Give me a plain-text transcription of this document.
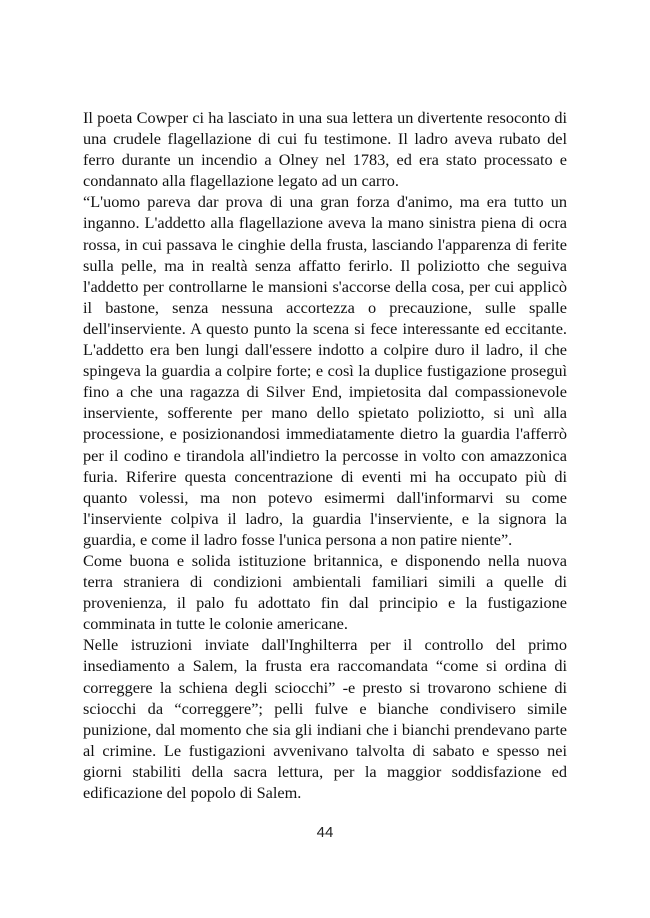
Il poeta Cowper ci ha lasciato in una sua lettera un divertente resoconto di una crudele flagellazione di cui fu testimone. Il ladro aveva rubato del ferro durante un incendio a Olney nel 1783, ed era stato processato e condannato alla flagellazione legato ad un carro.

“L'uomo pareva dar prova di una gran forza d'animo, ma era tutto un inganno. L'addetto alla flagellazione aveva la mano sinistra piena di ocra rossa, in cui passava le cinghie della frusta, lasciando l'apparenza di ferite sulla pelle, ma in realtà senza affatto ferirlo. Il poliziotto che seguiva l'addetto per controllarne le mansioni s'accorse della cosa, per cui applicò il bastone, senza nessuna accortezza o precauzione, sulle spalle dell'inserviente. A questo punto la scena si fece interessante ed eccitante. L'addetto era ben lungi dall'essere indotto a colpire duro il ladro, il che spingeva la guardia a colpire forte; e così la duplice fustigazione proseguì fino a che una ragazza di Silver End, impietosita dal compassionevole inserviente, sofferente per mano dello spietato poliziotto, si unì alla processione, e posizionandosi immediatamente dietro la guardia l'afferrò per il codino e tirandola all'indietro la percosse in volto con amazzonica furia. Riferire questa concentrazione di eventi mi ha occupato più di quanto volessi, ma non potevo esimermi dall'informarvi su come l'inserviente colpiva il ladro, la guardia l'inserviente, e la signora la guardia, e come il ladro fosse l'unica persona a non patire niente”.

Come buona e solida istituzione britannica, e disponendo nella nuova terra straniera di condizioni ambientali familiari simili a quelle di provenienza, il palo fu adottato fin dal principio e la fustigazione comminata in tutte le colonie americane.

Nelle istruzioni inviate dall'Inghilterra per il controllo del primo insediamento a Salem, la frusta era raccomandata “come si ordina di correggere la schiena degli sciocchi” -e presto si trovarono schiene di sciocchi da “correggere”; pelli fulve e bianche condivisero simile punizione, dal momento che sia gli indiani che i bianchi prendevano parte al crimine. Le fustigazioni avvenivano talvolta di sabato e spesso nei giorni stabiliti della sacra lettura, per la maggior soddisfazione ed edificazione del popolo di Salem.

44
